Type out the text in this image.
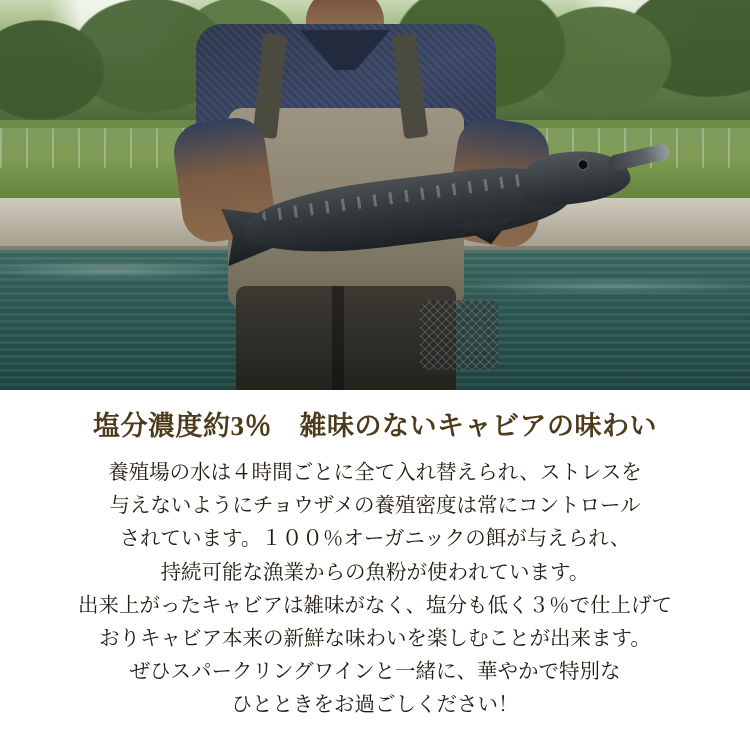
塩分濃度約3％　雑味のないキャビアの味わい

養殖場の水は４時間ごとに全て入れ替えられ、ストレスを
与えないようにチョウザメの養殖密度は常にコントロール
されています。１００％オーガニックの餌が与えられ、
持続可能な漁業からの魚粉が使われています。
出来上がったキャビアは雑味がなく、塩分も低く３％で仕上げて
おりキャビア本来の新鮮な味わいを楽しむことが出来ます。
ぜひスパークリングワインと一緒に、華やかで特別な
ひとときをお過ごしください！
